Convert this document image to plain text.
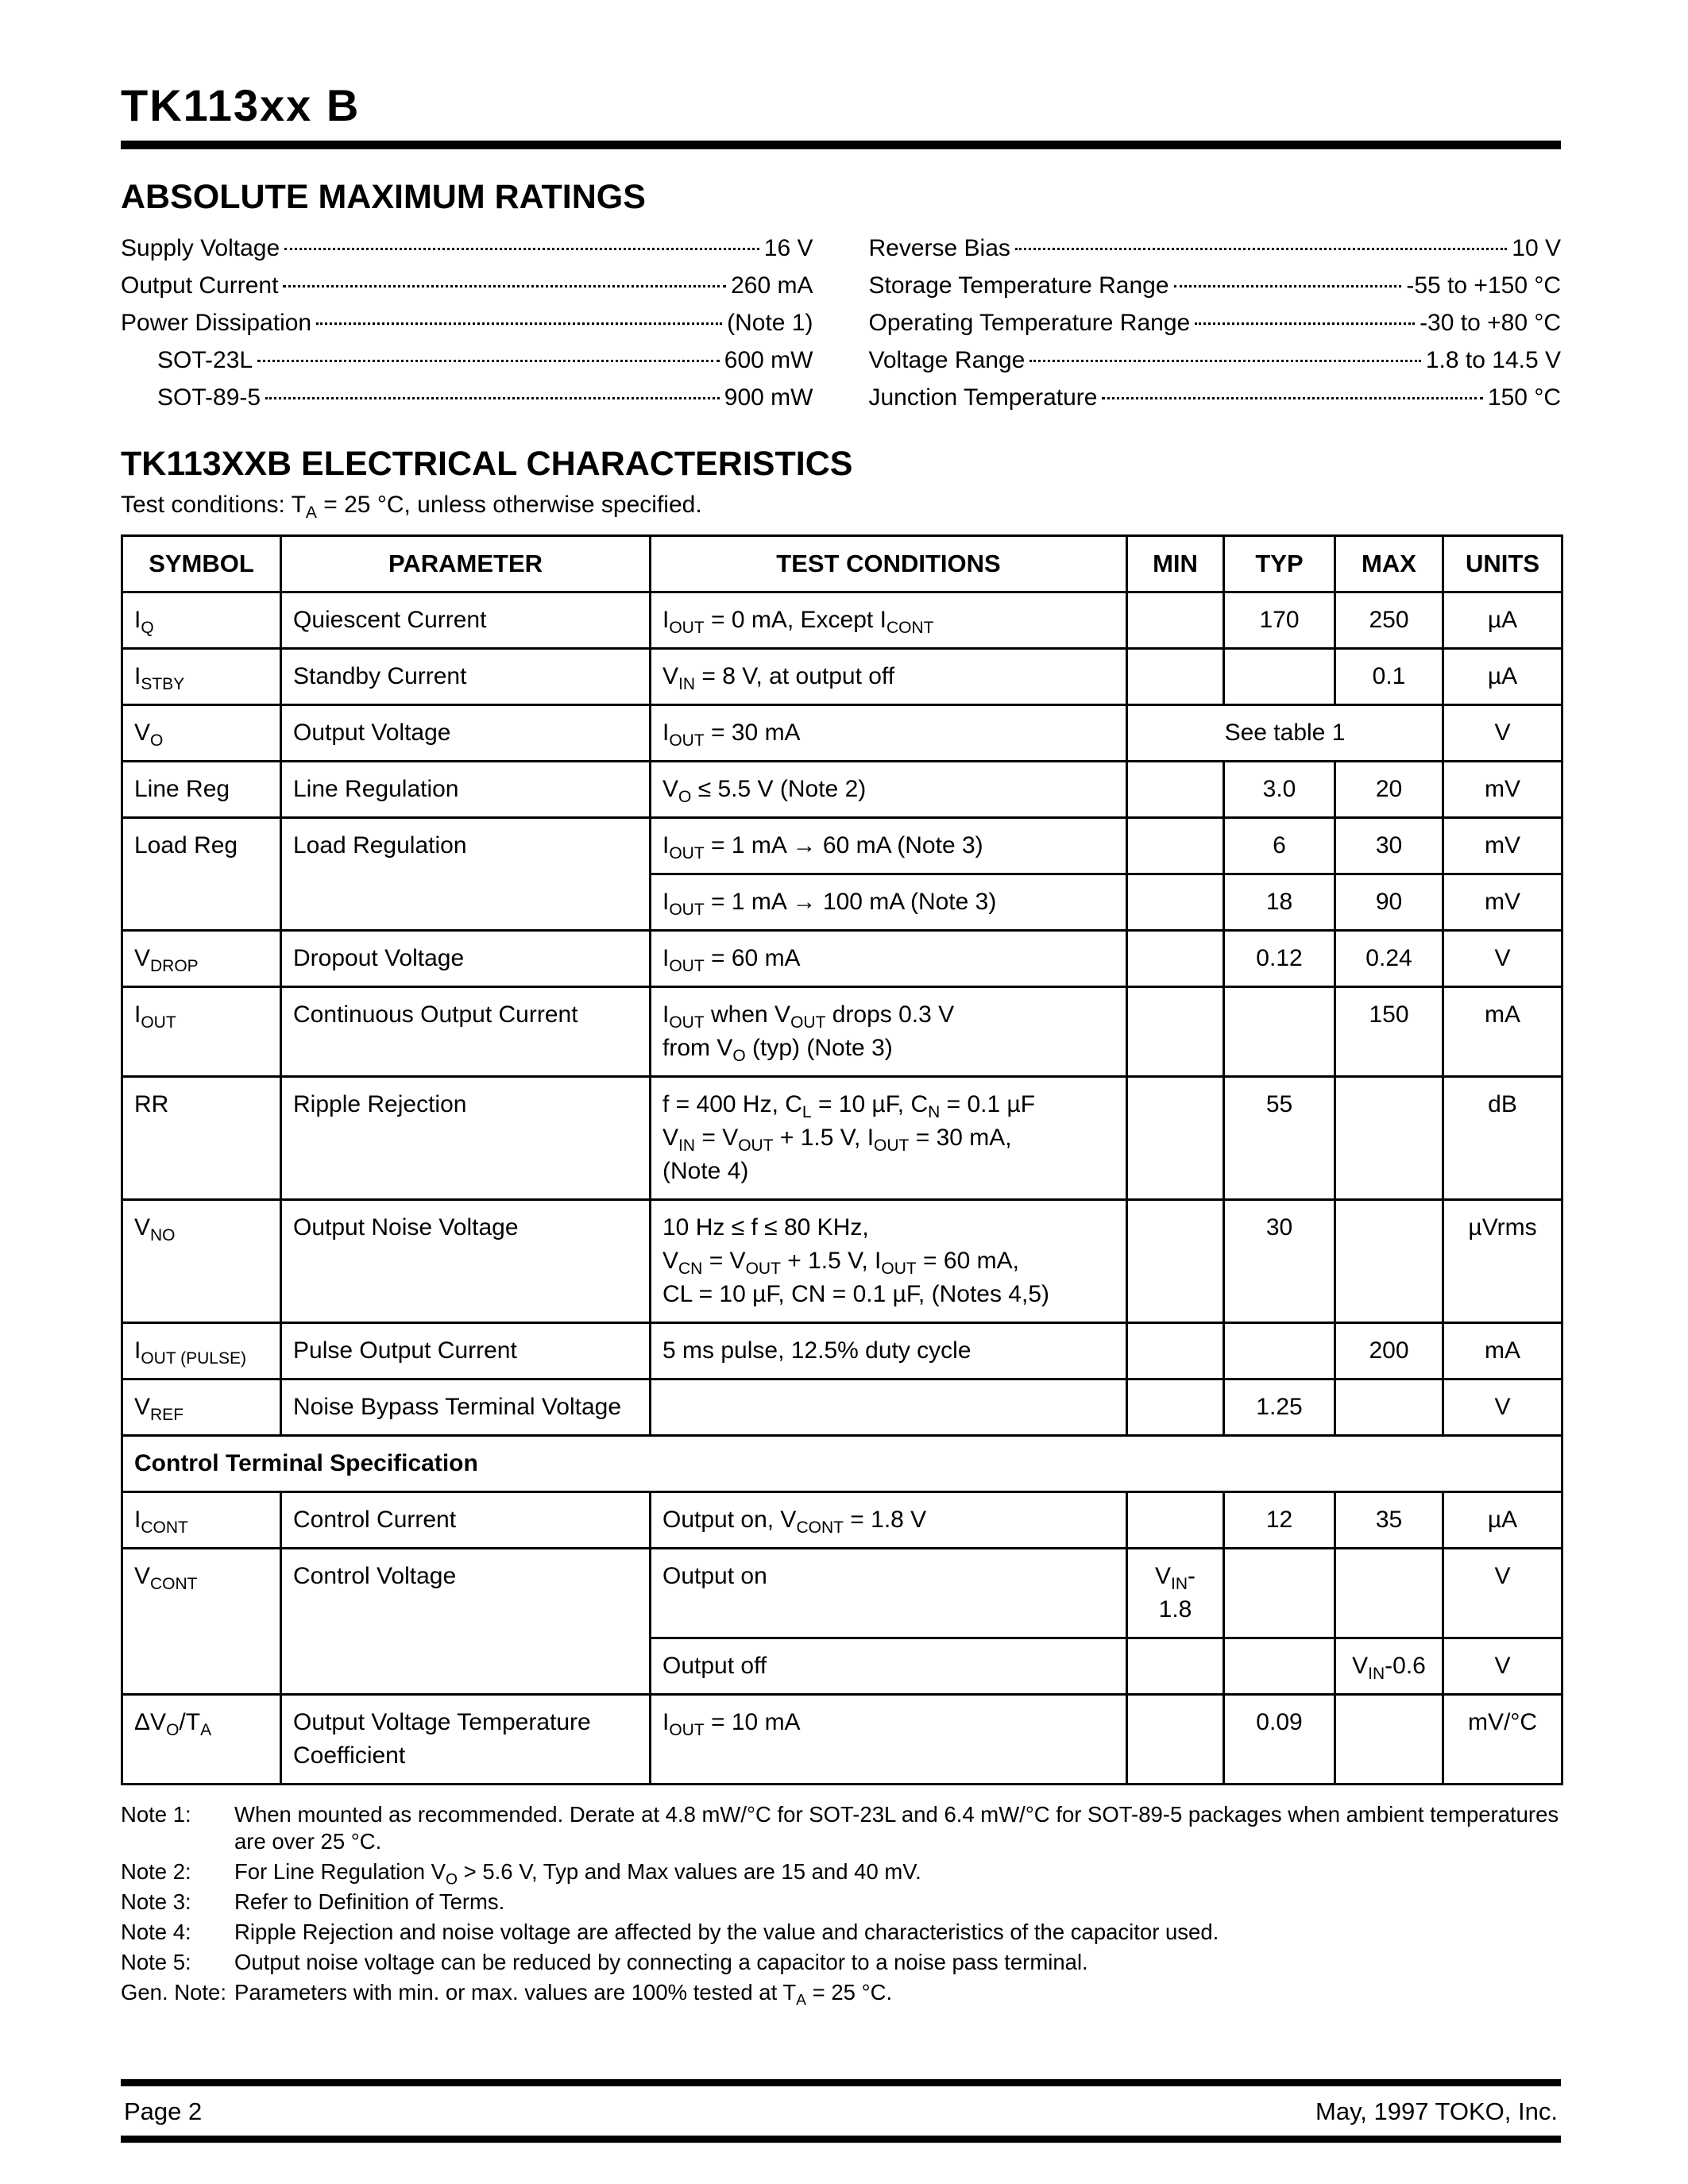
TK113xx B
ABSOLUTE MAXIMUM RATINGS
Supply Voltage	16 V
Output Current	260 mA
Power Dissipation	(Note 1)
SOT-23L	600 mW
SOT-89-5	900 mW
Reverse Bias	10 V
Storage Temperature Range	-55 to +150 °C
Operating Temperature Range	-30 to +80 °C
Voltage Range	1.8 to 14.5 V
Junction Temperature	150 °C
TK113XXB ELECTRICAL CHARACTERISTICS
Test conditions: $T_A = 25$ °C, unless otherwise specified.
SYMBOL	PARAMETER	TEST CONDITIONS	MIN	TYP	MAX	UNITS
$I_Q$	Quiescent Current	$I_{OUT} = 0$ mA, Except $I_{CONT}$		170	250	µA
$I_{STBY}$	Standby Current	$V_{IN} = 8$ V, at output off			0.1	µA
$V_O$	Output Voltage	$I_{OUT} = 30$ mA	See table 1			V
Line Reg	Line Regulation	$V_O \le 5.5$ V (Note 2)		3.0	20	mV
Load Reg	Load Regulation	$I_{OUT} = 1$ mA → 60 mA (Note 3)		6	30	mV
		$I_{OUT} = 1$ mA → 100 mA (Note 3)		18	90	mV
$V_{DROP}$	Dropout Voltage	$I_{OUT} = 60$ mA		0.12	0.24	V
$I_{OUT}$	Continuous Output Current	$I_{OUT}$ when $V_{OUT}$ drops 0.3 V
from $V_O$ (typ) (Note 3)			150	mA
RR	Ripple Rejection	f = 400 Hz, $C_L = 10$ µF, $C_N = 0.1$ µF
$V_{IN} = V_{OUT} + 1.5$ V, $I_{OUT} = 30$ mA,
(Note 4)		55		dB
$V_{NO}$	Output Noise Voltage	10 Hz ≤ f ≤ 80 KHz,
$V_{CN} = V_{OUT} + 1.5$ V, $I_{OUT} = 60$ mA,
CL = 10 µF, CN = 0.1 µF, (Notes 4,5)		30		µVrms
$I_{OUT (PULSE)}$	Pulse Output Current	5 ms pulse, 12.5% duty cycle			200	mA
$V_{REF}$	Noise Bypass Terminal Voltage			1.25		V
Control Terminal Specification						
$I_{CONT}$	Control Current	Output on, $V_{CONT} = 1.8$ V		12	35	µA
$V_{CONT}$	Control Voltage	Output on	$V_{IN}-1.8$			V
		Output off			$V_{IN}-0.6$	V
$\Delta V_O/T_A$	Output Voltage Temperature
Coefficient	$I_{OUT} = 10$ mA		0.09		mV/°C
Note 1:	When mounted as recommended. Derate at 4.8 mW/°C for SOT-23L and 6.4 mW/°C for SOT-89-5 packages when ambient temperatures are over 25 °C.
Note 2:	For Line Regulation $V_O > 5.6$ V, Typ and Max values are 15 and 40 mV.
Note 3:	Refer to Definition of Terms.
Note 4:	Ripple Rejection and noise voltage are affected by the value and characteristics of the capacitor used.
Note 5:	Output noise voltage can be reduced by connecting a capacitor to a noise pass terminal.
Gen. Note: Parameters with min. or max. values are 100% tested at $T_A = 25$ °C.
Page 2	May, 1997 TOKO, Inc.
